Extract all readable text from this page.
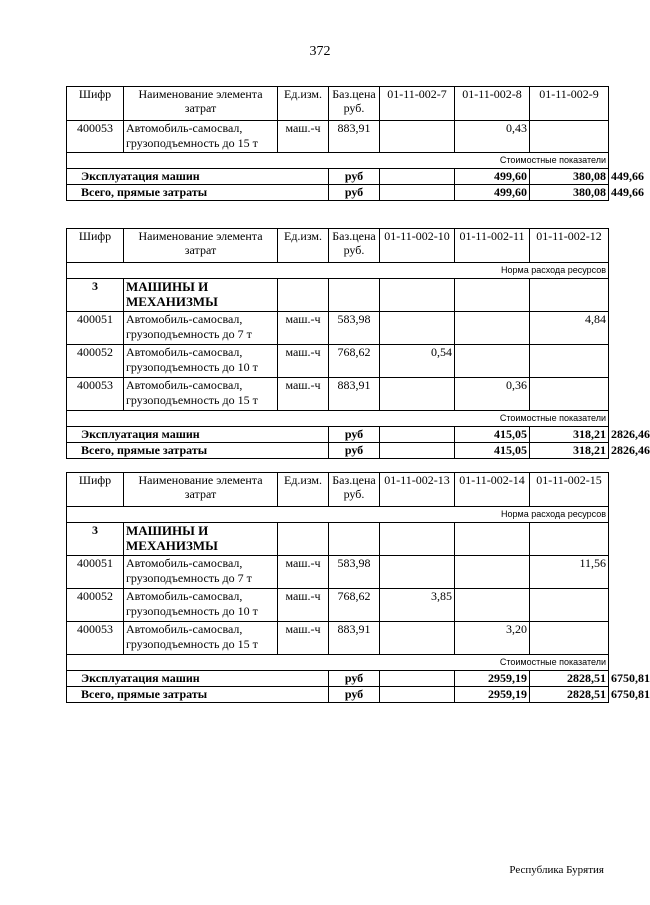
372
Шифр	Наименование элемента затрат	Ед.изм.	Баз.цена руб.	01-11-002-7	01-11-002-8	01-11-002-9	
400053	Автомобиль-самосвал, грузоподъемность до 15 т	маш.-ч	883,91		0,43		
Стоимостные показатели							
Эксплуатация машин			руб		499,60	380,08	449,66
Всего, прямые затраты			руб		499,60	380,08	449,66
Шифр	Наименование элемента затрат	Ед.изм.	Баз.цена руб.	01-11-002-10	01-11-002-11	01-11-002-12	
Норма расхода ресурсов							
3	МАШИНЫ И МЕХАНИЗМЫ						
400051	Автомобиль-самосвал, грузоподъемность до 7 т	маш.-ч	583,98			4,84	
400052	Автомобиль-самосвал, грузоподъемность до 10 т	маш.-ч	768,62	0,54			
400053	Автомобиль-самосвал, грузоподъемность до 15 т	маш.-ч	883,91		0,36		
Стоимостные показатели							
Эксплуатация машин			руб		415,05	318,21	2826,46
Всего, прямые затраты			руб		415,05	318,21	2826,46
Шифр	Наименование элемента затрат	Ед.изм.	Баз.цена руб.	01-11-002-13	01-11-002-14	01-11-002-15	
Норма расхода ресурсов							
3	МАШИНЫ И МЕХАНИЗМЫ						
400051	Автомобиль-самосвал, грузоподъемность до 7 т	маш.-ч	583,98			11,56	
400052	Автомобиль-самосвал, грузоподъемность до 10 т	маш.-ч	768,62	3,85			
400053	Автомобиль-самосвал, грузоподъемность до 15 т	маш.-ч	883,91		3,20		
Стоимостные показатели							
Эксплуатация машин			руб		2959,19	2828,51	6750,81
Всего, прямые затраты			руб		2959,19	2828,51	6750,81
Республика Бурятия
